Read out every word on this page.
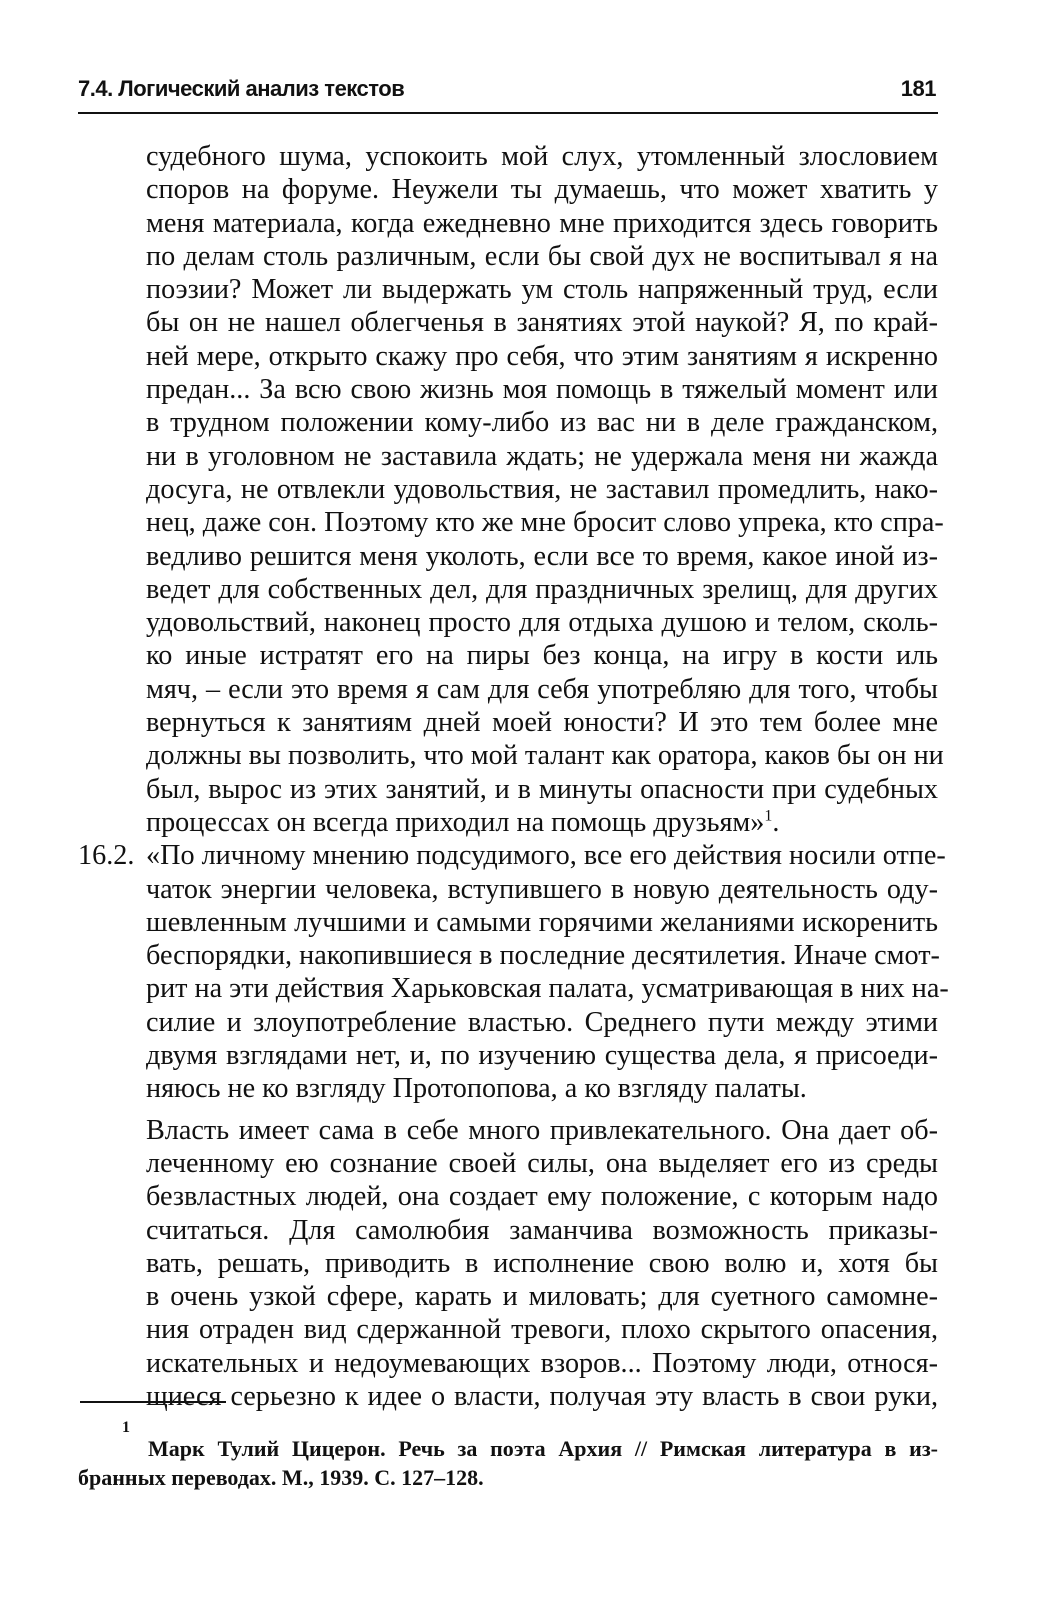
7.4. Логический анализ текстов	181

судебного шума, успокоить мой слух, утомленный злословием
споров на форуме. Неужели ты думаешь, что может хватить у
меня материала, когда ежедневно мне приходится здесь говорить
по делам столь различным, если бы свой дух не воспитывал я на
поэзии? Может ли выдержать ум столь напряженный труд, если
бы он не нашел облегченья в занятиях этой наукой? Я, по край-
ней мере, открыто скажу про себя, что этим занятиям я искренно
предан... За всю свою жизнь моя помощь в тяжелый момент или
в трудном положении кому-либо из вас ни в деле гражданском,
ни в уголовном не заставила ждать; не удержала меня ни жажда
досуга, не отвлекли удовольствия, не заставил промедлить, нако-
нец, даже сон. Поэтому кто же мне бросит слово упрека, кто спра-
ведливо решится меня уколоть, если все то время, какое иной из-
ведет для собственных дел, для праздничных зрелищ, для других
удовольствий, наконец просто для отдыха душою и телом, сколь-
ко иные истратят его на пиры без конца, на игру в кости иль
мяч, – если это время я сам для себя употребляю для того, чтобы
вернуться к занятиям дней моей юности? И это тем более мне
должны вы позволить, что мой талант как оратора, каков бы он ни
был, вырос из этих занятий, и в минуты опасности при судебных
процессах он всегда приходил на помощь друзьям»$^1$.

16.2. «По личному мнению подсудимого, все его действия носили отпе-
чаток энергии человека, вступившего в новую деятельность оду-
шевленным лучшими и самыми горячими желаниями искоренить
беспорядки, накопившиеся в последние десятилетия. Иначе смот-
рит на эти действия Харьковская палата, усматривающая в них на-
силие и злоупотребление властью. Среднего пути между этими
двумя взглядами нет, и, по изучению существа дела, я присоеди-
няюсь не ко взгляду Протопопова, а ко взгляду палаты.

Власть имеет сама в себе много привлекательного. Она дает об-
леченному ею сознание своей силы, она выделяет его из среды
безвластных людей, она создает ему положение, с которым надо
считаться. Для самолюбия заманчива возможность приказы-
вать, решать, приводить в исполнение свою волю и, хотя бы
в очень узкой сфере, карать и миловать; для суетного самомне-
ния отраден вид сдержанной тревоги, плохо скрытого опасения,
искательных и недоумевающих взоров... Поэтому люди, относя-
щиеся серьезно к идее о власти, получая эту власть в свои руки,

1
Марк Тулий Цицерон. Речь за поэта Архия // Римская литература в из-
бранных переводах. М., 1939. С. 127–128.
